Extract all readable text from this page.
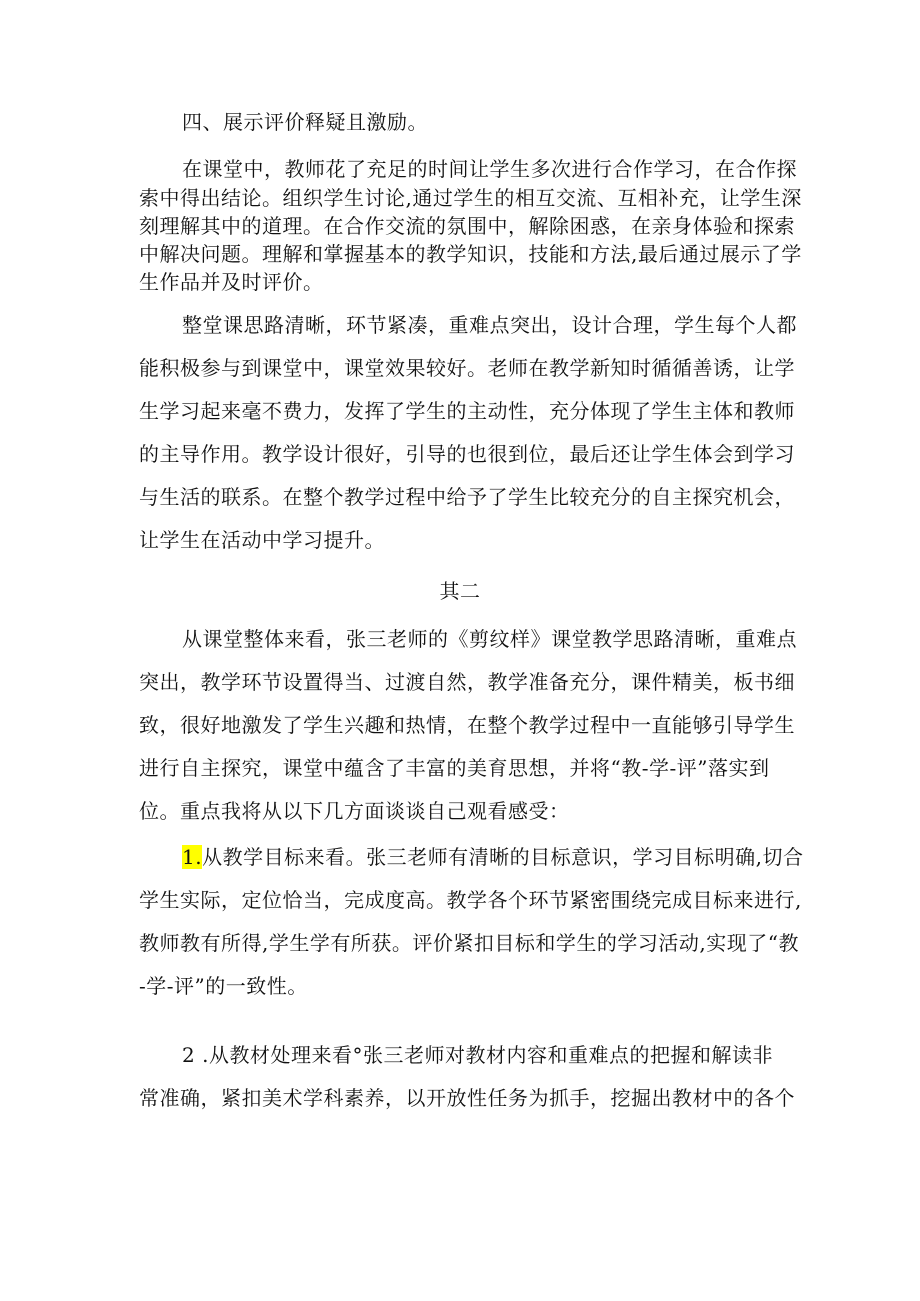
四、展示评价释疑且激励。
在课堂中，教师花了充足的时间让学生多次进行合作学习，在合作探
索中得出结论。组织学生讨论,通过学生的相互交流、互相补充，让学生深
刻理解其中的道理。在合作交流的氛围中，解除困惑，在亲身体验和探索
中解决问题。理解和掌握基本的教学知识，技能和方法,最后通过展示了学
生作品并及时评价。
整堂课思路清晰，环节紧凑，重难点突出，设计合理，学生每个人都
能积极参与到课堂中，课堂效果较好。老师在教学新知时循循善诱，让学
生学习起来毫不费力，发挥了学生的主动性，充分体现了学生主体和教师
的主导作用。教学设计很好，引导的也很到位，最后还让学生体会到学习
与生活的联系。在整个教学过程中给予了学生比较充分的自主探究机会，
让学生在活动中学习提升。
其二
从课堂整体来看，张三老师的《剪纹样》课堂教学思路清晰，重难点
突出，教学环节设置得当、过渡自然，教学准备充分，课件精美，板书细
致，很好地激发了学生兴趣和热情，在整个教学过程中一直能够引导学生
进行自主探究，课堂中蕴含了丰富的美育思想，并将“教-学-评”落实到
位。重点我将从以下几方面谈谈自己观看感受：
1.从教学目标来看。张三老师有清晰的目标意识，学习目标明确,切合
学生实际，定位恰当，完成度高。教学各个环节紧密围绕完成目标来进行,
教师教有所得,学生学有所获。评价紧扣目标和学生的学习活动,实现了“教
-学-评”的一致性。
2 .从教材处理来看°张三老师对教材内容和重难点的把握和解读非
常准确，紧扣美术学科素养，以开放性任务为抓手，挖掘出教材中的各个
